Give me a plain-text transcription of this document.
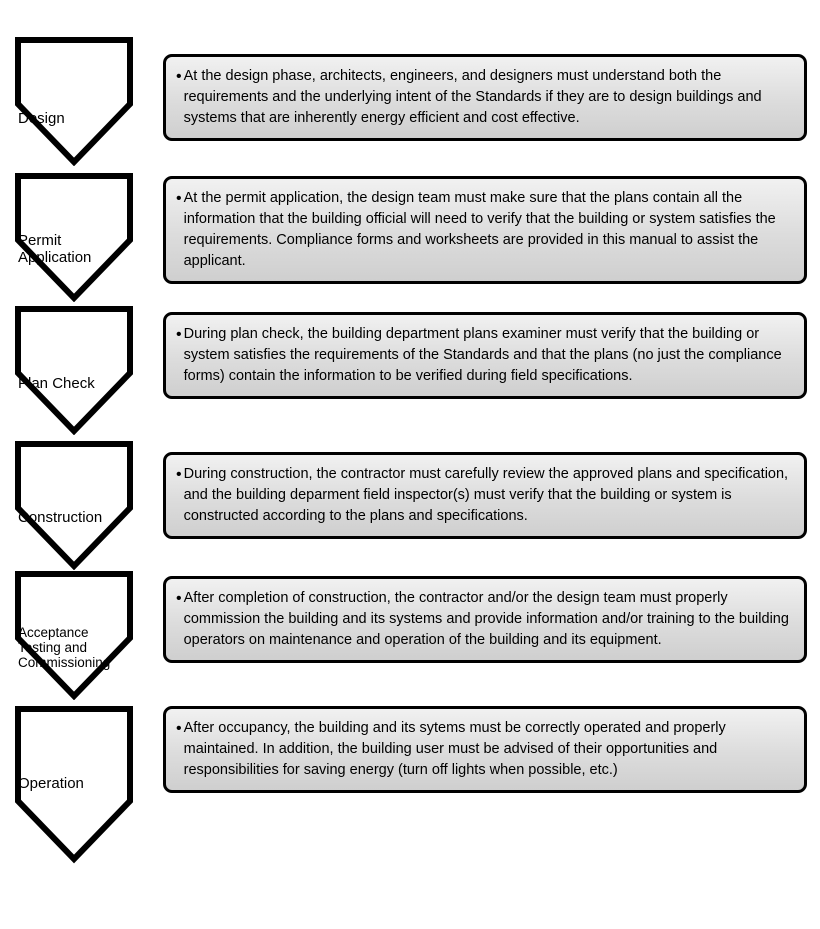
Design
• At the design phase, architects, engineers, and designers must understand both the requirements and the underlying intent of the Standards if they are to design buildings and systems that are inherently energy efficient and cost effective.
Permit Application
• At the permit application, the design team must make sure that the plans contain all the information that the building official will need to verify that the building or system satisfies the requirements. Compliance forms and worksheets are provided in this manual to assist the applicant.
Plan Check
• During plan check, the building department plans examiner must verify that the building or system satisfies the requirements of the Standards and that the plans (no just the compliance forms) contain the information to be verified during field specifications.
Construction
• During construction, the contractor must carefully review the approved plans and specification, and the building deparment field inspector(s) must verify that the building or system is constructed according to the plans and specifications.
Acceptance Testing and Commissioning
• After completion of construction, the contractor and/or the design team must properly commission the building and its systems and provide information and/or training to the building operators on maintenance and operation of the building and its equipment.
Operation
• After occupancy, the building and its sytems must be correctly operated and properly maintained. In addition, the building user must be advised of their opportunities and responsibilities for saving energy (turn off lights when possible, etc.)
